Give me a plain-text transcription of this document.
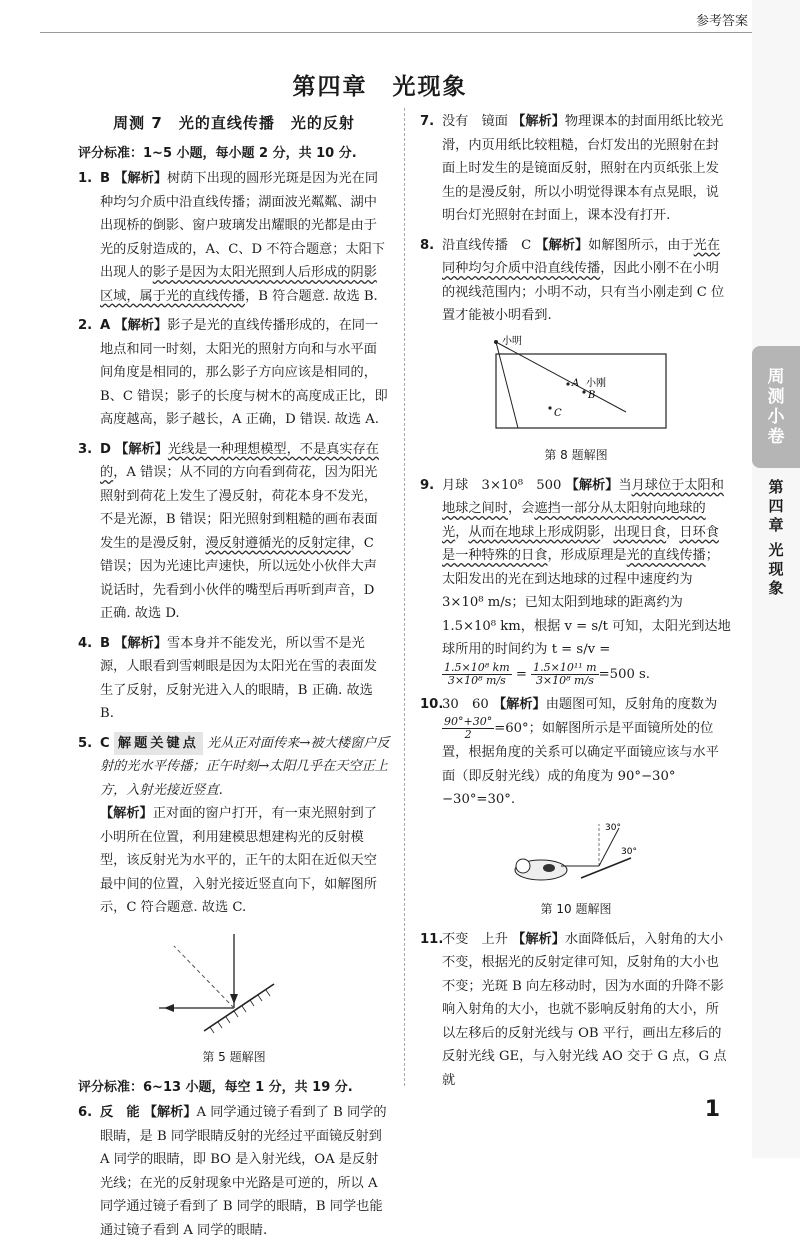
参考答案
第四章　光现象
周测 7　光的直线传播　光的反射

评分标准：1~5 小题，每小题 2 分，共 10 分.

1. B 【解析】树荫下出现的圆形光斑是因为光在同种均匀介质中沿直线传播；湖面波光粼粼、湖中出现桥的倒影、窗户玻璃发出耀眼的光都是由于光的反射造成的，A、C、D 不符合题意；太阳下出现人的影子是因为太阳光照到人后形成的阴影区域，属于光的直线传播，B 符合题意. 故选 B.
2. A 【解析】影子是光的直线传播形成的，在同一地点和同一时刻，太阳光的照射方向和与水平面间角度是相同的，那么影子方向应该是相同的，B、C 错误；影子的长度与树木的高度成正比，即高度越高，影子越长，A 正确，D 错误. 故选 A.
3. D 【解析】光线是一种理想模型，不是真实存在的，A 错误；从不同的方向看到荷花，因为阳光照射到荷花上发生了漫反射，荷花本身不发光，不是光源，B 错误；阳光照射到粗糙的画布表面发生的是漫反射，漫反射遵循光的反射定律，C 错误；因为光速比声速快，所以远处小伙伴大声说话时，先看到小伙伴的嘴型后再听到声音，D 正确. 故选 D.
4. B 【解析】雪本身并不能发光，所以雪不是光源，人眼看到雪刺眼是因为太阳光在雪的表面发生了反射，反射光进入人的眼睛，B 正确. 故选 B.
5. C 解题关键点 光从正对面传来→被大楼窗户反射的光水平传播；正午时刻→太阳几乎在天空正上方，入射光接近竖直.
【解析】正对面的窗户打开，有一束光照射到了小明所在位置，利用建模思想建构光的反射模型，该反射光为水平的，正午的太阳在近似天空最中间的位置，入射光接近竖直向下，如解图所示，C 符合题意. 故选 C.
第 5 题解图

评分标准：6~13 小题，每空 1 分，共 19 分.

6. 反　能 【解析】A 同学通过镜子看到了 B 同学的眼睛，是 B 同学眼睛反射的光经过平面镜反射到 A 同学的眼睛，即 BO 是入射光线，OA 是反射光线；在光的反射现象中光路是可逆的，所以 A 同学通过镜子看到了 B 同学的眼睛，B 同学也能通过镜子看到 A 同学的眼睛.
7. 没有　镜面 【解析】物理课本的封面用纸比较光滑，内页用纸比较粗糙，台灯发出的光照射在封面上时发生的是镜面反射，照射在内页纸张上发生的是漫反射，所以小明觉得课本有点晃眼，说明台灯光照射在封面上，课本没有打开.
8. 沿直线传播　C 【解析】如解图所示，由于光在同种均匀介质中沿直线传播，因此小刚不在小明的视线范围内；小明不动，只有当小刚走到 C 位置才能被小明看到.
小明
A 小刚
B
C
第 8 题解图
9. 月球　3×10⁸　500 【解析】当月球位于太阳和地球之间时，会遮挡一部分从太阳射向地球的光，从而在地球上形成阴影，出现日食，日环食是一种特殊的日食，形成原理是光的直线传播；太阳发出的光在到达地球的过程中速度约为 3×10⁸ m/s；已知太阳到地球的距离约为 1.5×10⁸ km，根据 v = s/t 可知，太阳光到达地球所用的时间约为 t = s/v =

$\frac{\text{1.5×10⁸ km}}{\text{3×10⁸ m/s}} = \frac{\text{1.5×10¹¹ m}}{\text{3×10⁸ m/s}} =500$ s.
10.30　60 【解析】由题图可知，反射角的度数为
$\frac{90^\circ+30^\circ}{2} =60^\circ$；如解图所示是平面镜所处的位置，根据角度的关系可以确定平面镜应该与水平面（即反射光线）成的角度为 90°−30°−30°=30°.
30°
30°
第 10 题解图
11.不变　上升 【解析】水面降低后，入射角的大小不变，根据光的反射定律可知，反射角的大小也不变；光斑 B 向左移动时，因为水面的升降不影响入射角的大小，也就不影响反射角的大小，所以左移后的反射光线与 OB 平行，画出左移后的反射光线 GE，与入射光线 AO 交于 G 点，G 点就
周
测
小
卷
第
四
章
光
现
象
1
